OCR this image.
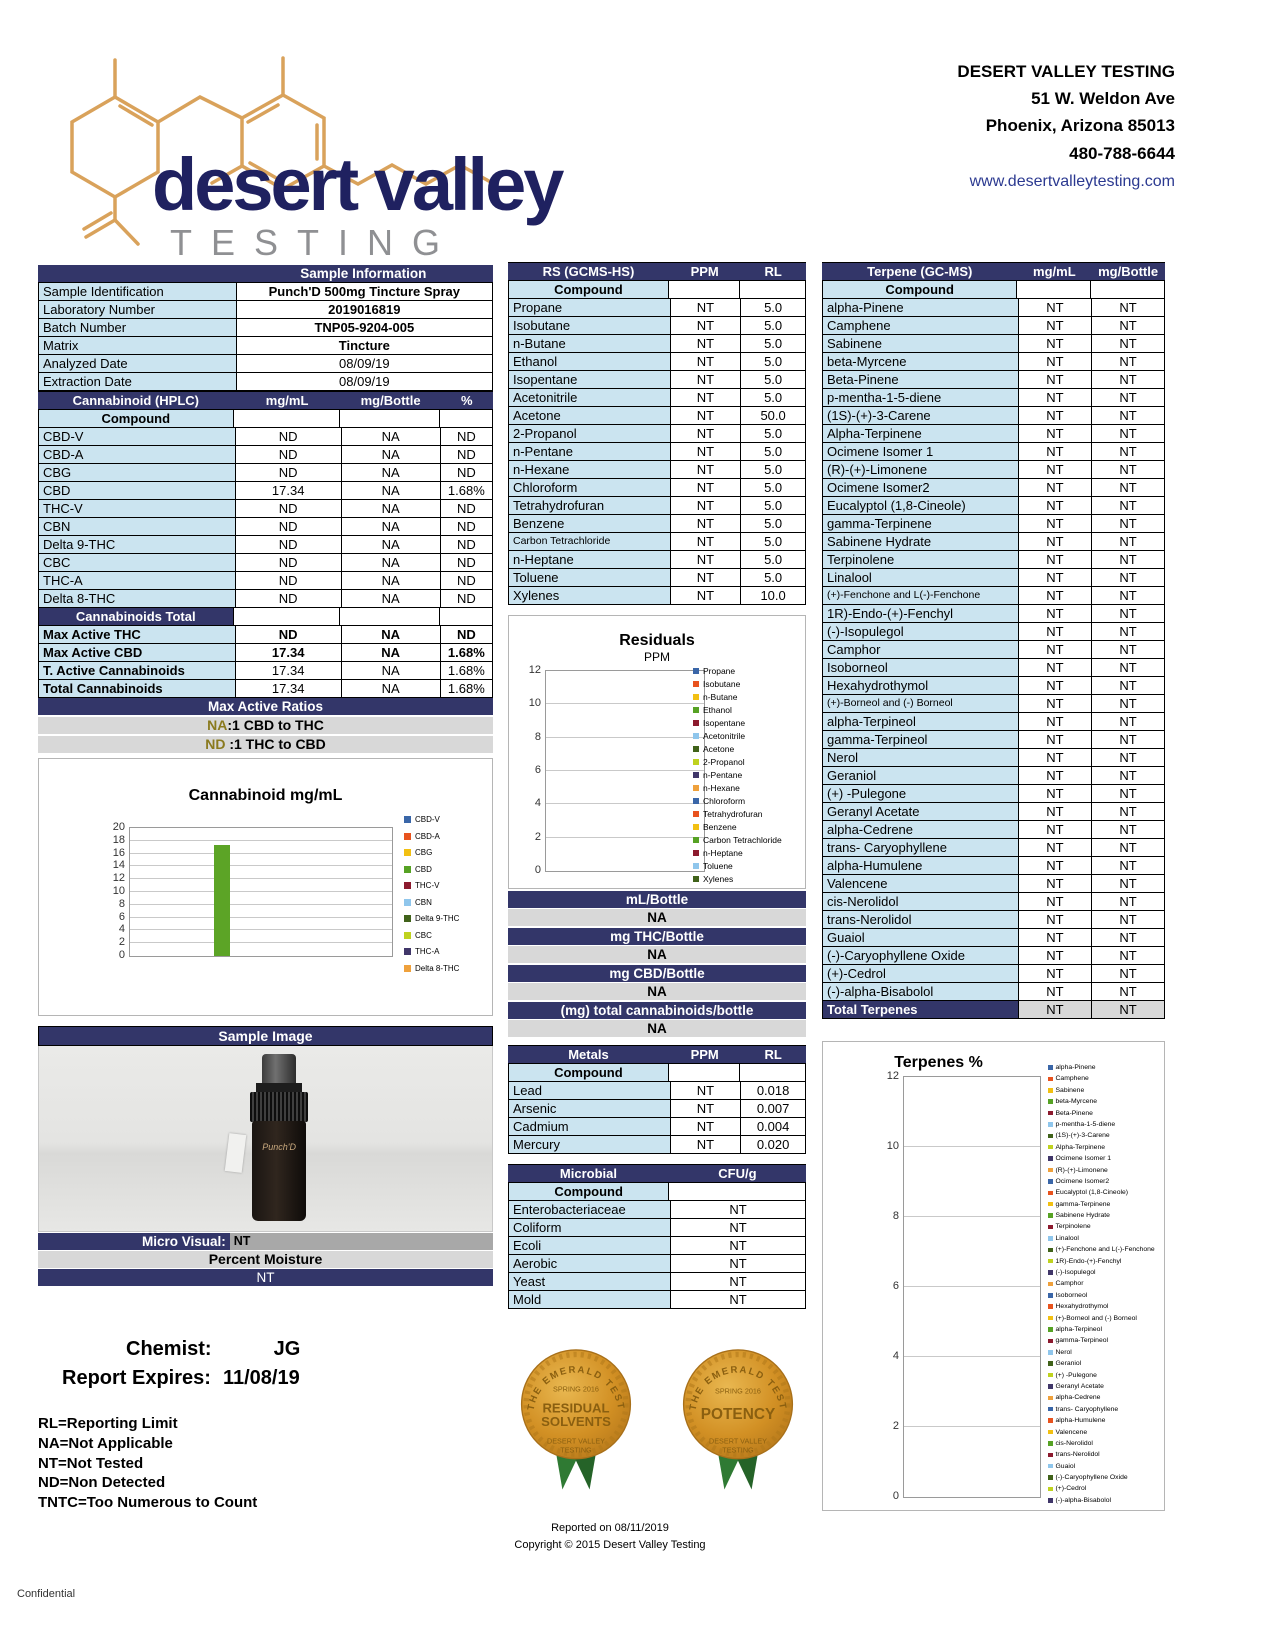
desert valley
TESTING
DESERT VALLEY TESTING
51 W. Weldon Ave
Phoenix, Arizona 85013
480-788-6644
www.desertvalleytesting.com
Sample Information
Sample Identification	Punch'D 500mg Tincture Spray
Laboratory Number	2019016819
Batch Number	TNP05-9204-005
Matrix	Tincture
Analyzed Date	08/09/19
Extraction Date	08/09/19
Cannabinoid (HPLC)	mg/mL	mg/Bottle	%
Compound
CBD-V	ND	NA	ND
CBD-A	ND	NA	ND
CBG	ND	NA	ND
CBD	17.34	NA	1.68%
THC-V	ND	NA	ND
CBN	ND	NA	ND
Delta 9-THC	ND	NA	ND
CBC	ND	NA	ND
THC-A	ND	NA	ND
Delta 8-THC	ND	NA	ND
Cannabinoids Total
Max Active THC	ND	NA	ND
Max Active CBD	17.34	NA	1.68%
T. Active Cannabinoids	17.34	NA	1.68%
Total Cannabinoids	17.34	NA	1.68%
Max Active Ratios
NA:1 CBD to THC
ND :1 THC to CBD
Cannabinoid mg/mL
0
2
4
6
8
10
12
14
16
18
20
CBD-V
CBD-A
CBG
CBD
THC-V
CBN
Delta 9-THC
CBC
THC-A
Delta 8-THC
Sample Image
Punch'D
Micro Visual: NT
Percent Moisture
NT
Chemist:	JG
Report Expires: 11/08/19
RL=Reporting Limit
NA=Not Applicable
NT=Not Tested
ND=Non Detected
TNTC=Too Numerous to Count
RS (GCMS-HS)	PPM	RL
Compound
Propane	NT	5.0
Isobutane	NT	5.0
n-Butane	NT	5.0
Ethanol	NT	5.0
Isopentane	NT	5.0
Acetonitrile	NT	5.0
Acetone	NT	50.0
2-Propanol	NT	5.0
n-Pentane	NT	5.0
n-Hexane	NT	5.0
Chloroform	NT	5.0
Tetrahydrofuran	NT	5.0
Benzene	NT	5.0
Carbon Tetrachloride	NT	5.0
n-Heptane	NT	5.0
Toluene	NT	5.0
Xylenes	NT	10.0
Residuals
PPM
0
2
4
6
8
10
12	Propane
Isobutane
n-Butane
Ethanol
Isopentane
Acetonitrile
Acetone
2-Propanol
n-Pentane
n-Hexane
Chloroform
Tetrahydrofuran
Benzene
Carbon Tetrachloride
n-Heptane
Toluene
Xylenes
mL/Bottle
NA
mg THC/Bottle
NA
mg CBD/Bottle
NA
(mg) total cannabinoids/bottle
NA
Metals	PPM	RL
Compound
Lead	NT	0.018
Arsenic	NT	0.007
Cadmium	NT	0.004
Mercury	NT	0.020
Microbial	CFU/g
Compound
Enterobacteriaceae	NT
Coliform	NT
Ecoli	NT
Aerobic	NT
Yeast	NT
Mold	NT
THE EMERALD TEST
SPRING 2016
RESIDUAL
SOLVENTS
DESERT VALLEY
TESTING
THE EMERALD TEST
SPRING 2016
POTENCY
DESERT VALLEY
TESTING
Terpene (GC-MS)	mg/mL	mg/Bottle
Compound
alpha-Pinene	NT	NT
Camphene	NT	NT
Sabinene	NT	NT
beta-Myrcene	NT	NT
Beta-Pinene	NT	NT
p-mentha-1-5-diene	NT	NT
(1S)-(+)-3-Carene	NT	NT
Alpha-Terpinene	NT	NT
Ocimene Isomer 1	NT	NT
(R)-(+)-Limonene	NT	NT
Ocimene Isomer2	NT	NT
Eucalyptol (1,8-Cineole)	NT	NT
gamma-Terpinene	NT	NT
Sabinene Hydrate	NT	NT
Terpinolene	NT	NT
Linalool	NT	NT
(+)-Fenchone and L(-)-Fenchone	NT	NT
1R)-Endo-(+)-Fenchyl	NT	NT
(-)-Isopulegol	NT	NT
Camphor	NT	NT
Isoborneol	NT	NT
Hexahydrothymol	NT	NT
(+)-Borneol and (-) Borneol	NT	NT
alpha-Terpineol	NT	NT
gamma-Terpineol	NT	NT
Nerol	NT	NT
Geraniol	NT	NT
(+) -Pulegone	NT	NT
Geranyl Acetate	NT	NT
alpha-Cedrene	NT	NT
trans- Caryophyllene	NT	NT
alpha-Humulene	NT	NT
Valencene	NT	NT
cis-Nerolidol	NT	NT
trans-Nerolidol	NT	NT
Guaiol	NT	NT
(-)-Caryophyllene Oxide	NT	NT
(+)-Cedrol	NT	NT
(-)-alpha-Bisabolol	NT	NT
Total Terpenes	NT	NT
Terpenes %
0
2
4
6
8
10
12
alpha-Pinene
Camphene
Sabinene
beta-Myrcene
Beta-Pinene
p-mentha-1-5-diene
(1S)-(+)-3-Carene
Alpha-Terpinene
Ocimene Isomer 1
(R)-(+)-Limonene
Ocimene Isomer2
Eucalyptol (1,8-Cineole)
gamma-Terpinene
Sabinene Hydrate
Terpinolene
Linalool
(+)-Fenchone and L(-)-Fenchone
1R)-Endo-(+)-Fenchyl
(-)-Isopulegol
Camphor
Isoborneol
Hexahydrothymol
(+)-Borneol and (-) Borneol
alpha-Terpineol
gamma-Terpineol
Nerol
Geraniol
(+) -Pulegone
Geranyl Acetate
alpha-Cedrene
trans- Caryophyllene
alpha-Humulene
Valencene
cis-Nerolidol
trans-Nerolidol
Guaiol
(-)-Caryophyllene Oxide
(+)-Cedrol
(-)-alpha-Bisabolol
Confidential
Reported on 08/11/2019
Copyright © 2015 Desert Valley Testing
